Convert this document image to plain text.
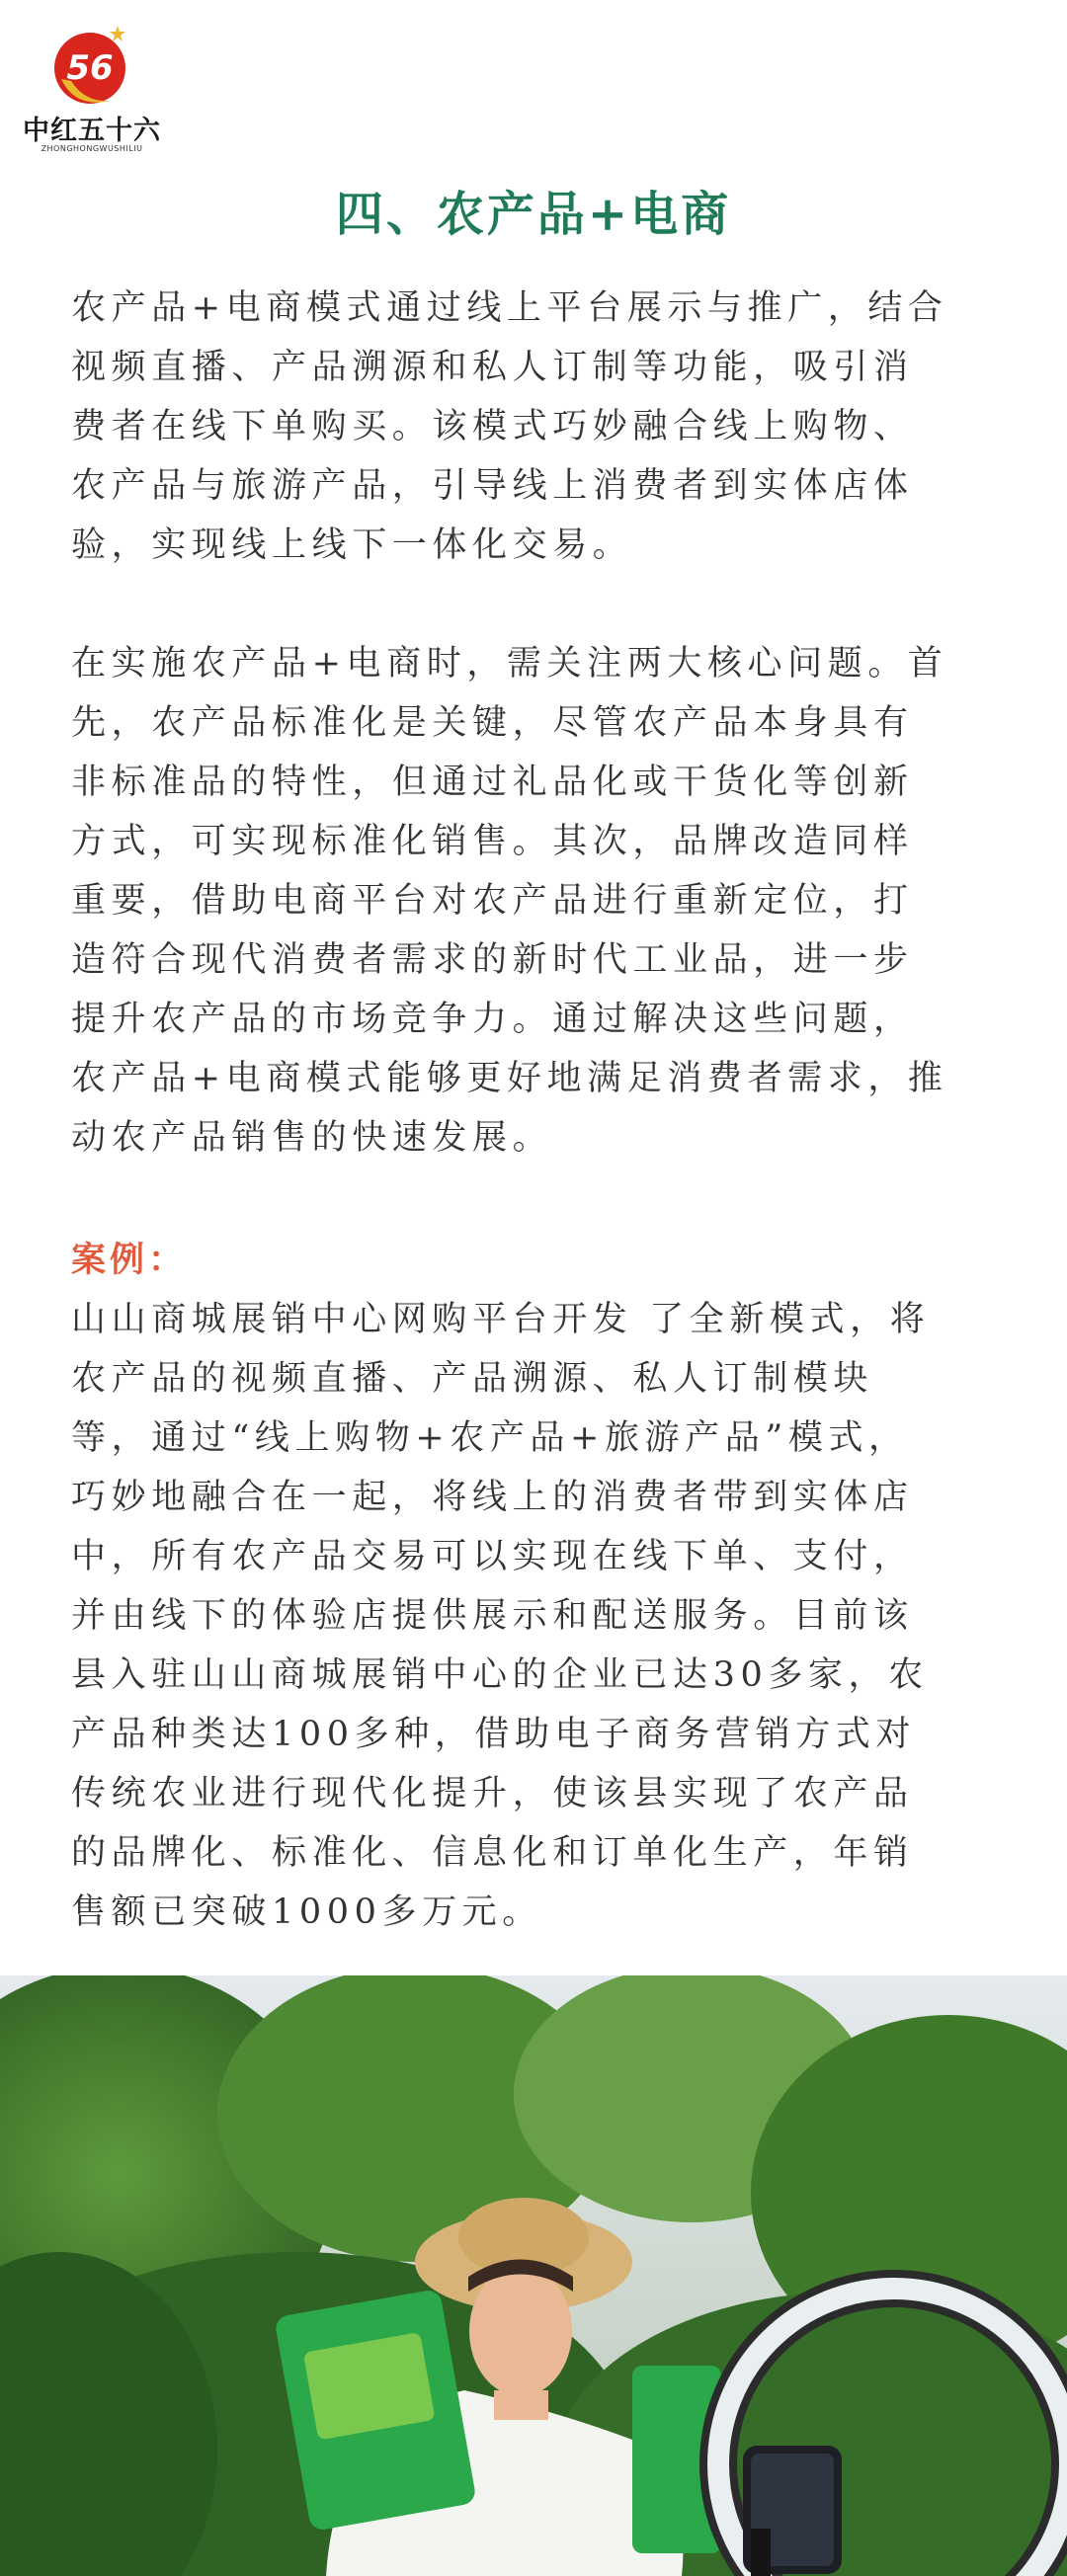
56
中红五十六
ZHONGHONGWUSHILIU
四、农产品+电商
农产品+电商模式通过线上平台展示与推广，结合
视频直播、产品溯源和私人订制等功能，吸引消
费者在线下单购买。该模式巧妙融合线上购物、
农产品与旅游产品，引导线上消费者到实体店体
验，实现线上线下一体化交易。
在实施农产品+电商时，需关注两大核心问题。首
先，农产品标准化是关键，尽管农产品本身具有
非标准品的特性，但通过礼品化或干货化等创新
方式，可实现标准化销售。其次，品牌改造同样
重要，借助电商平台对农产品进行重新定位，打
造符合现代消费者需求的新时代工业品，进一步
提升农产品的市场竞争力。通过解决这些问题，
农产品+电商模式能够更好地满足消费者需求，推
动农产品销售的快速发展。
案例：
山山商城展销中心网购平台开发 了全新模式，将
农产品的视频直播、产品溯源、私人订制模块
等，通过“线上购物+农产品+旅游产品”模式，
巧妙地融合在一起，将线上的消费者带到实体店
中，所有农产品交易可以实现在线下单、支付，
并由线下的体验店提供展示和配送服务。目前该
县入驻山山商城展销中心的企业已达30多家，农
产品种类达100多种，借助电子商务营销方式对
传统农业进行现代化提升，使该县实现了农产品
的品牌化、标准化、信息化和订单化生产，年销
售额已突破1000多万元。
